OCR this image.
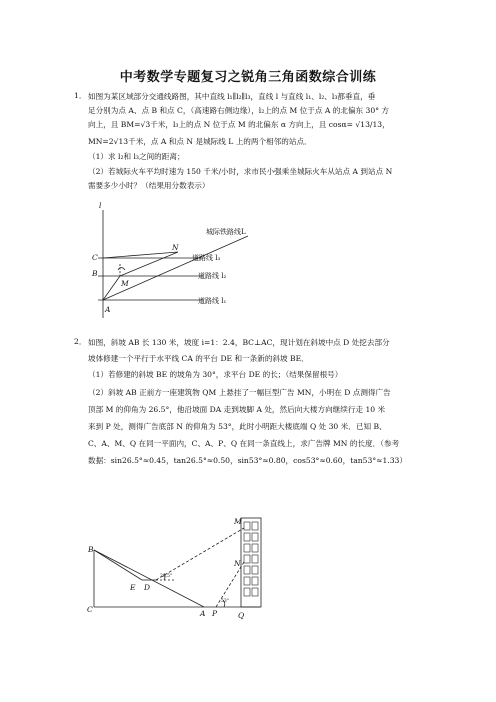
中考数学专题复习之锐角三角函数综合训练
1． 如图为某区域部分交通线路图，其中直线 l₁∥l₂∥l₃，直线 l 与直线 l₁、l₂、l₃都垂直，垂
足分别为点 A、点 B 和点 C，（高速路右侧边缘），l₂上的点 M 位于点 A 的北偏东 30° 方
向上，且 BM=√3千米，l₃上的点 N 位于点 M 的北偏东 α 方向上，且 cosα= √13/13，
MN=2√13千米，点 A 和点 N 是城际线 L 上的两个相邻的站点．
（1）求 l₂和 l₃之间的距离；
（2）若城际火车平均时速为 150 千米/小时，求市民小强乘坐城际火车从站点 A 到站点 N
需要多少小时？（结果用分数表示）
l
C
B
A
M
N
城际铁路线L
道路线 l₃
道路线 l₂
道路线 l₁
2． 如图，斜坡 AB 长 130 米，坡度 i=1：2.4，BC⊥AC，现计划在斜坡中点 D 处挖去部分
坡体修建一个平行于水平线 CA 的平台 DE 和一条新的斜坡 BE．
（1）若修建的斜坡 BE 的坡角为 30°，求平台 DE 的长；（结果保留根号）
（2）斜坡 AB 正前方一座建筑物 QM 上悬挂了一幅巨型广告 MN，小明在 D 点测得广告
顶部 M 的仰角为 26.5°，他沿坡面 DA 走到坡脚 A 处，然后向大楼方向继续行走 10 米
来到 P 处，测得广告底部 N 的仰角为 53°，此时小明距大楼底端 Q 处 30 米．已知 B、
C、A、M、Q 在同一平面内，C、A、P、Q 在同一条直线上，求广告牌 MN 的长度．（参考
数据：sin26.5°≈0.45，tan26.5°≈0.50，sin53°≈0.80，cos53°≈0.60，tan53°≈1.33）
M
N
B
E D
C	A P	Q
26.5°
53°
